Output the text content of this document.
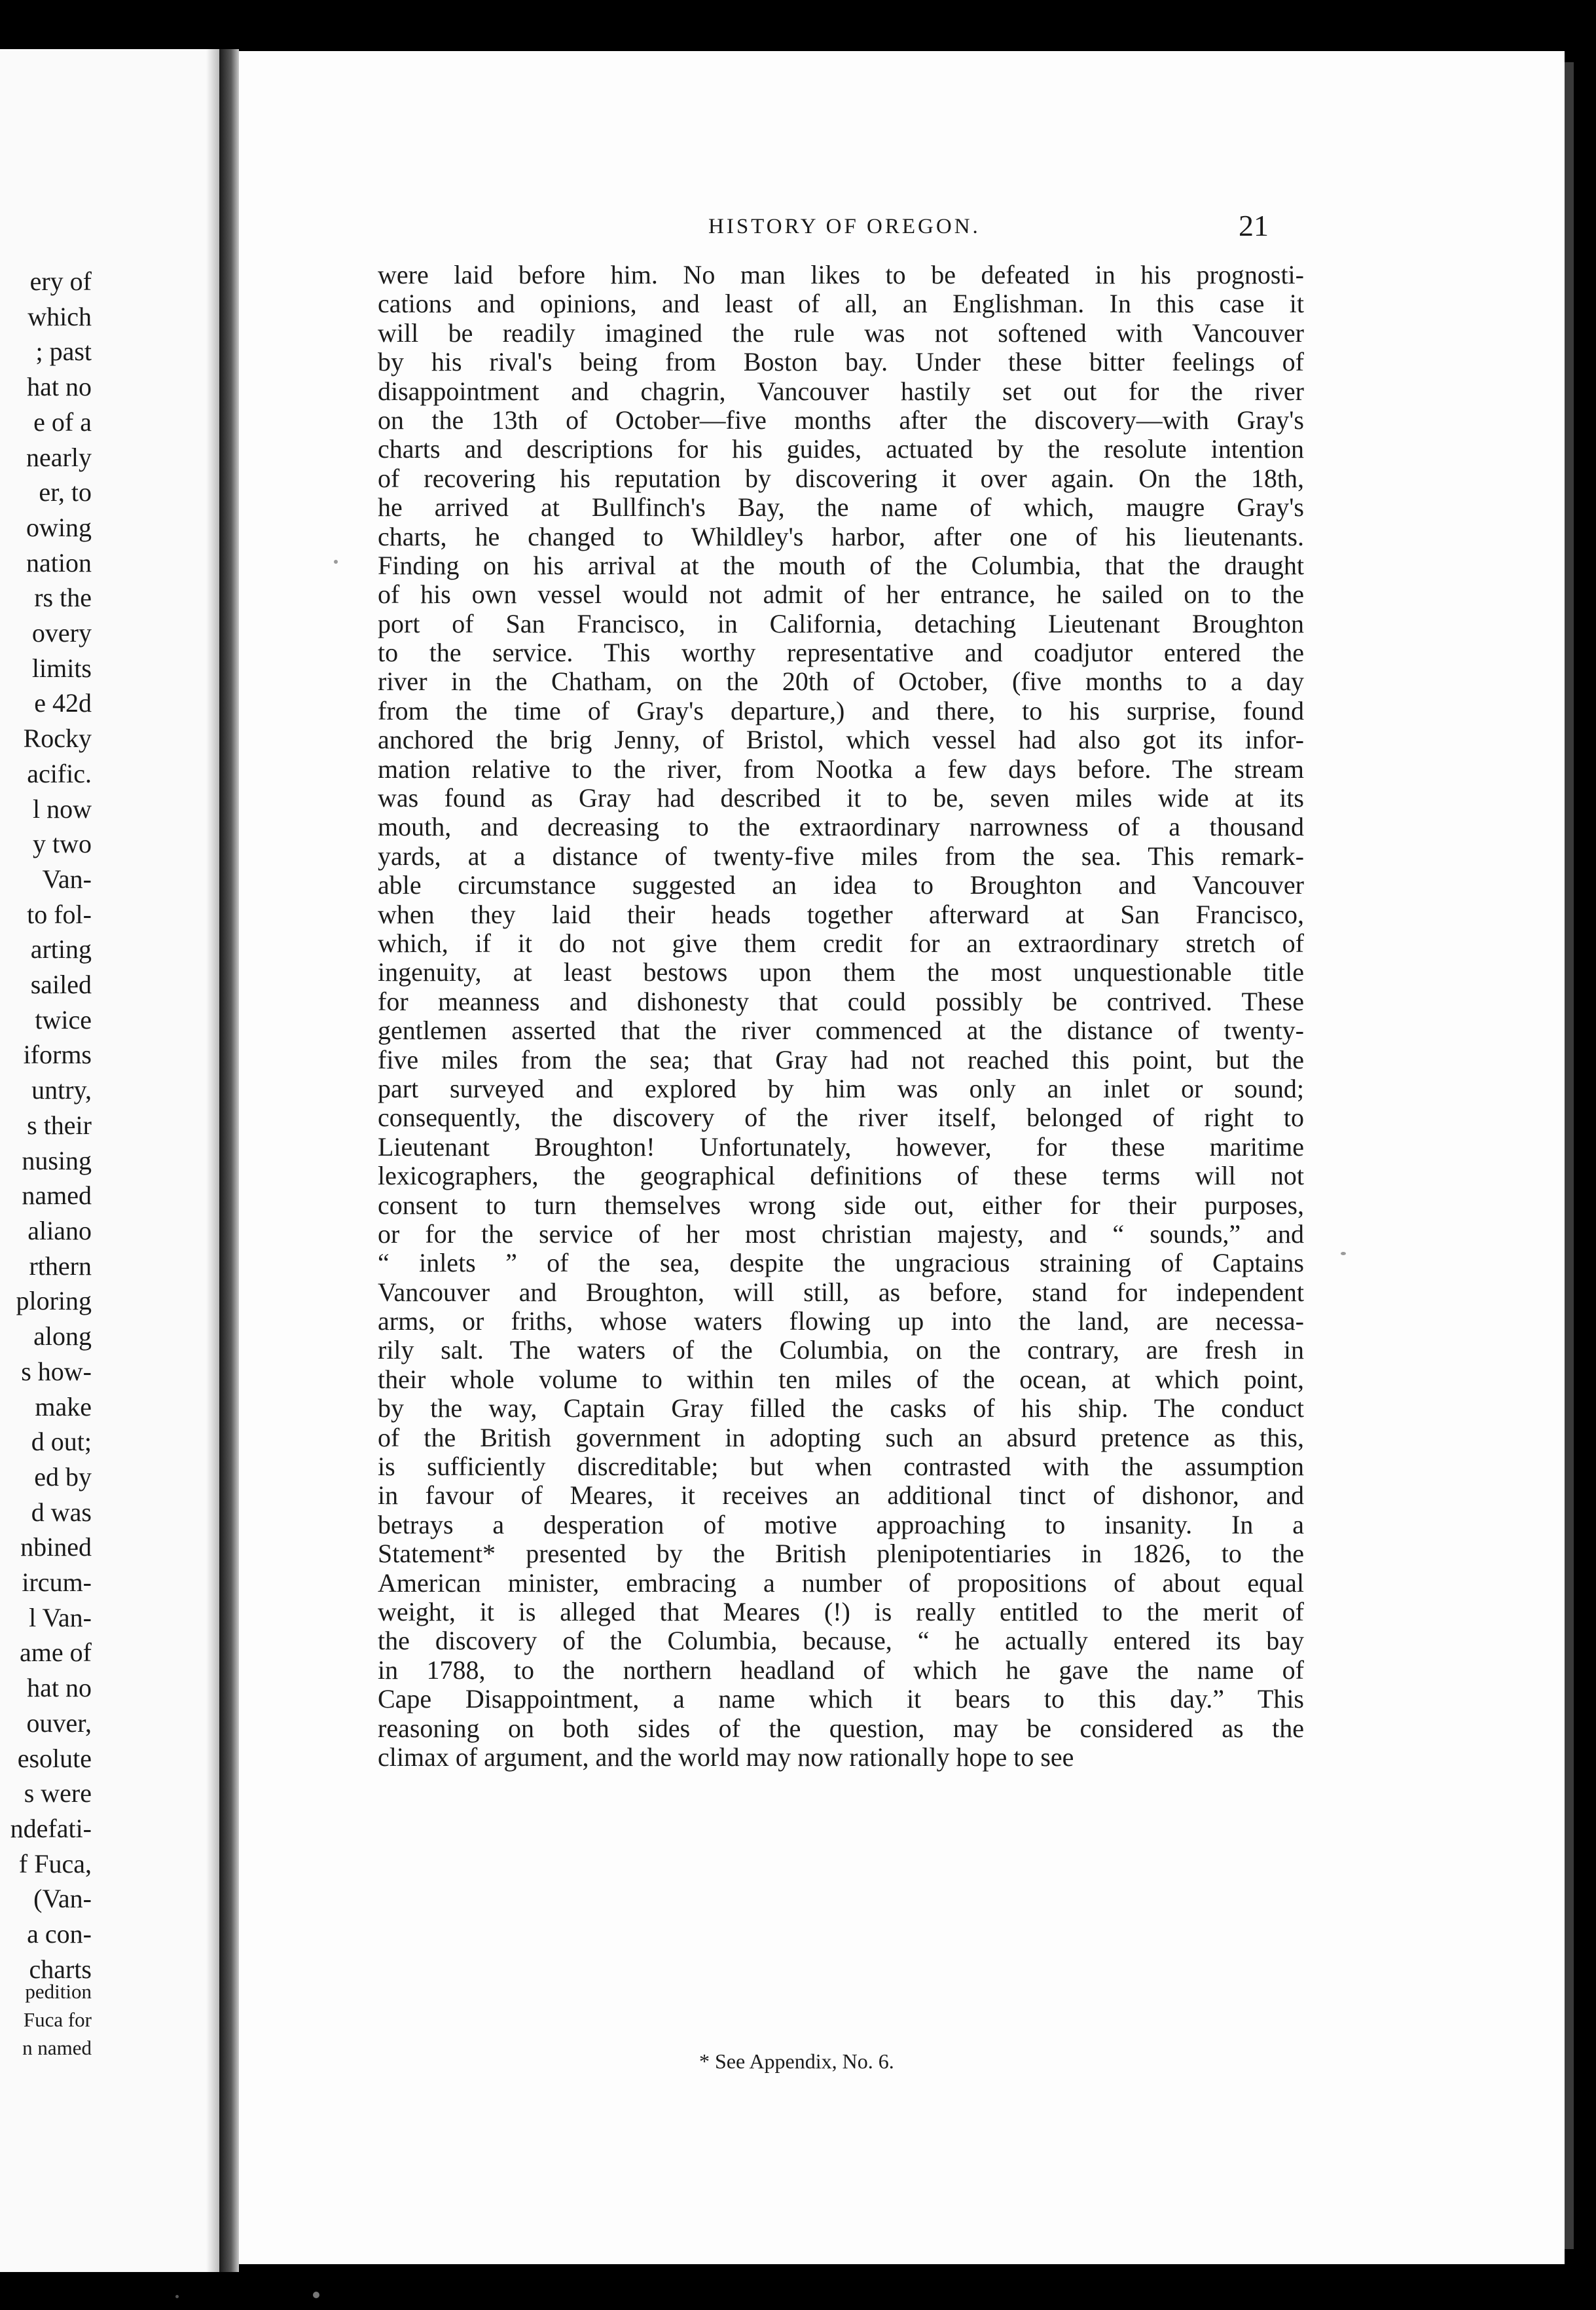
ery of
which
; past
hat no
e of a
nearly
er, to
owing
nation
rs the
overy
limits
e 42d
Rocky
acific.
l now
y two
Van-
to fol-
arting
sailed
twice
iforms
untry,
s their
nusing
named
aliano
rthern
ploring
along
s how-
make
d out;
ed by
d was
nbined
ircum-
l Van-
ame of
hat no
ouver,
esolute
s were
ndefati-
f Fuca,
(Van-
a con-
charts
pedition
Fuca for
n named
HISTORY OF OREGON.	21
were laid before him. No man likes to be defeated in his prognosti-
cations and opinions, and least of all, an Englishman. In this case it
will be readily imagined the rule was not softened with Vancouver
by his rival's being from Boston bay. Under these bitter feelings of
disappointment and chagrin, Vancouver hastily set out for the river
on the 13th of October—five months after the discovery—with Gray's
charts and descriptions for his guides, actuated by the resolute intention
of recovering his reputation by discovering it over again. On the 18th,
he arrived at Bullfinch's Bay, the name of which, maugre Gray's
charts, he changed to Whildley's harbor, after one of his lieutenants.
Finding on his arrival at the mouth of the Columbia, that the draught
of his own vessel would not admit of her entrance, he sailed on to the
port of San Francisco, in California, detaching Lieutenant Broughton
to the service. This worthy representative and coadjutor entered the
river in the Chatham, on the 20th of October, (five months to a day
from the time of Gray's departure,) and there, to his surprise, found
anchored the brig Jenny, of Bristol, which vessel had also got its infor-
mation relative to the river, from Nootka a few days before. The stream
was found as Gray had described it to be, seven miles wide at its
mouth, and decreasing to the extraordinary narrowness of a thousand
yards, at a distance of twenty-five miles from the sea. This remark-
able circumstance suggested an idea to Broughton and Vancouver
when they laid their heads together afterward at San Francisco,
which, if it do not give them credit for an extraordinary stretch of
ingenuity, at least bestows upon them the most unquestionable title
for meanness and dishonesty that could possibly be contrived. These
gentlemen asserted that the river commenced at the distance of twenty-
five miles from the sea; that Gray had not reached this point, but the
part surveyed and explored by him was only an inlet or sound;
consequently, the discovery of the river itself, belonged of right to
Lieutenant Broughton! Unfortunately, however, for these maritime
lexicographers, the geographical definitions of these terms will not
consent to turn themselves wrong side out, either for their purposes,
or for the service of her most christian majesty, and “ sounds,” and
“ inlets ” of the sea, despite the ungracious straining of Captains
Vancouver and Broughton, will still, as before, stand for independent
arms, or friths, whose waters flowing up into the land, are necessa-
rily salt. The waters of the Columbia, on the contrary, are fresh in
their whole volume to within ten miles of the ocean, at which point,
by the way, Captain Gray filled the casks of his ship. The conduct
of the British government in adopting such an absurd pretence as this,
is sufficiently discreditable; but when contrasted with the assumption
in favour of Meares, it receives an additional tinct of dishonor, and
betrays a desperation of motive approaching to insanity. In a
Statement* presented by the British plenipotentiaries in 1826, to the
American minister, embracing a number of propositions of about equal
weight, it is alleged that Meares (!) is really entitled to the merit of
the discovery of the Columbia, because, “ he actually entered its bay
in 1788, to the northern headland of which he gave the name of
Cape Disappointment, a name which it bears to this day.” This
reasoning on both sides of the question, may be considered as the
climax of argument, and the world may now rationally hope to see
* See Appendix, No. 6.
